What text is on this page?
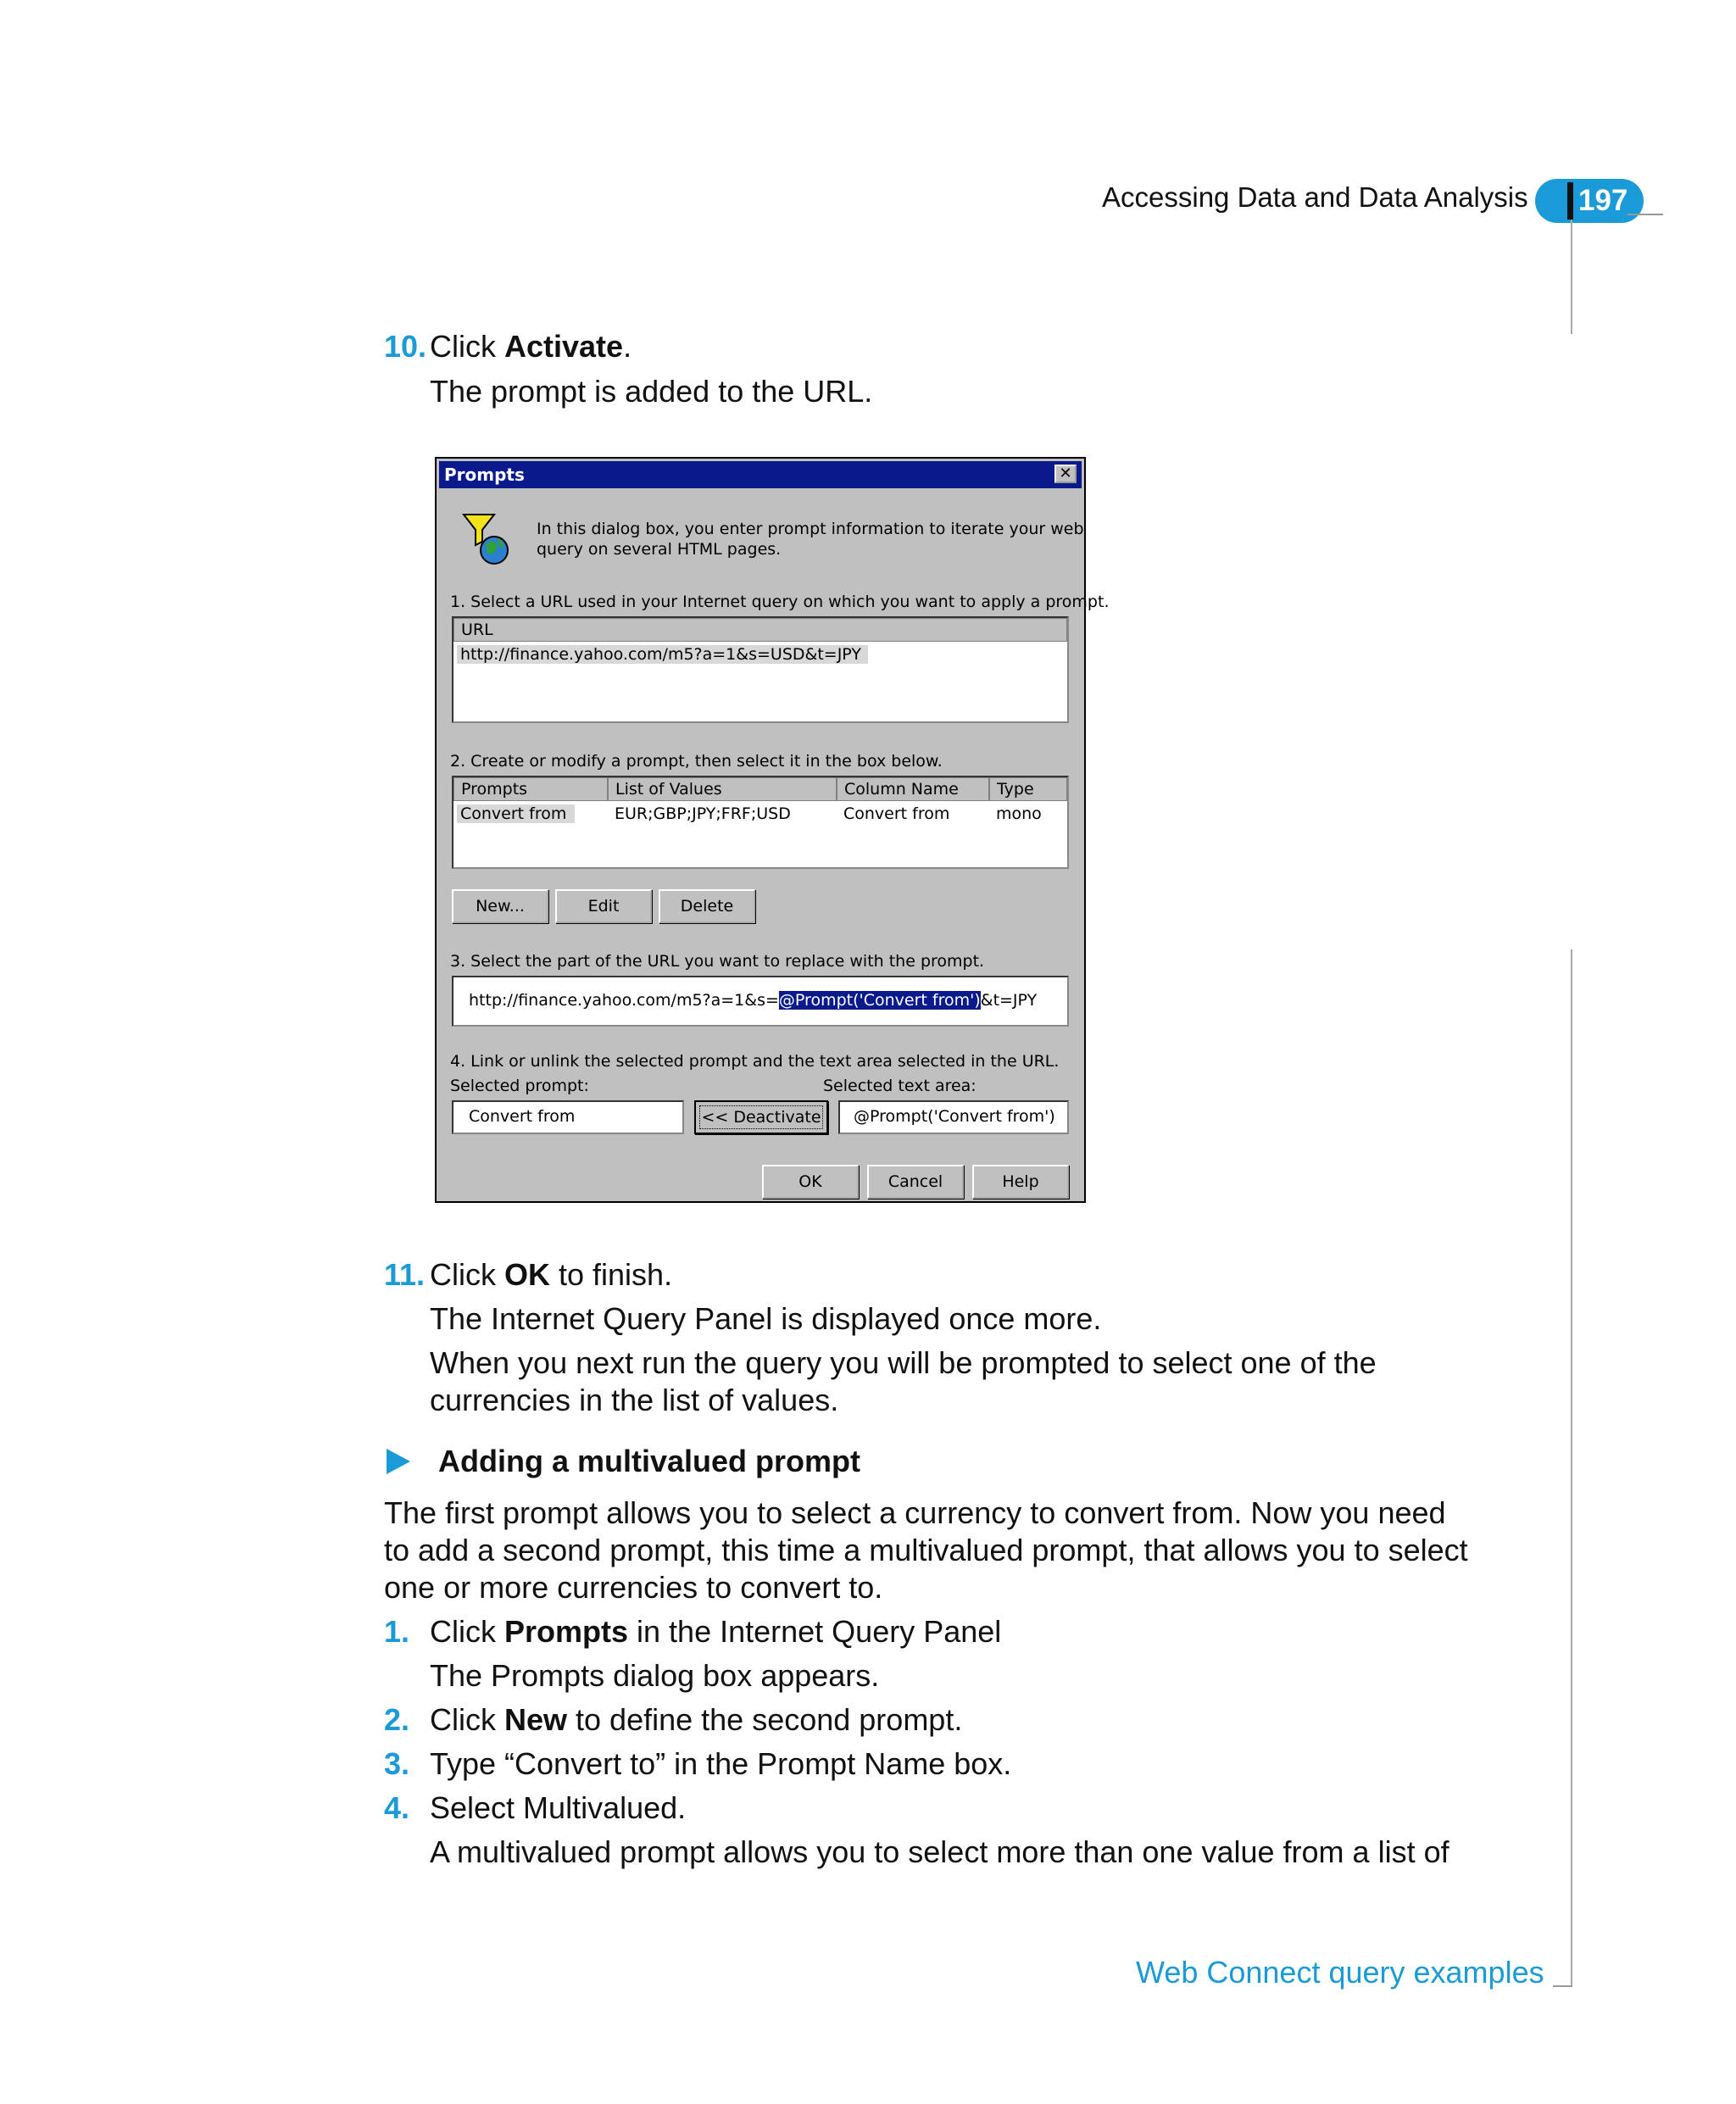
Accessing Data and Data Analysis 197
10. Click Activate.
The prompt is added to the URL.
Prompts	✕
In this dialog box, you enter prompt information to iterate your web
query on several HTML pages.
1. Select a URL used in your Internet query on which you want to apply a prompt.
URL
http://finance.yahoo.com/m5?a=1&s=USD&t=JPY
2. Create or modify a prompt, then select it in the box below.
Prompts	List of Values	Column Name	Type
Convert from	EUR;GBP;JPY;FRF;USD	Convert from	mono
New...	Edit	Delete
3. Select the part of the URL you want to replace with the prompt.
http://finance.yahoo.com/m5?a=1&s=@Prompt('Convert from')&t=JPY
4. Link or unlink the selected prompt and the text area selected in the URL.
Selected prompt:	Selected text area:
Convert from	<< Deactivate	@Prompt('Convert from')
OK	Cancel	Help
11. Click OK to finish.
The Internet Query Panel is displayed once more.
When you next run the query you will be prompted to select one of the
currencies in the list of values.
Adding a multivalued prompt
The first prompt allows you to select a currency to convert from. Now you need
to add a second prompt, this time a multivalued prompt, that allows you to select
one or more currencies to convert to.
1. Click Prompts in the Internet Query Panel
The Prompts dialog box appears.
2. Click New to define the second prompt.
3. Type “Convert to” in the Prompt Name box.
4. Select Multivalued.
A multivalued prompt allows you to select more than one value from a list of
Web Connect query examples
